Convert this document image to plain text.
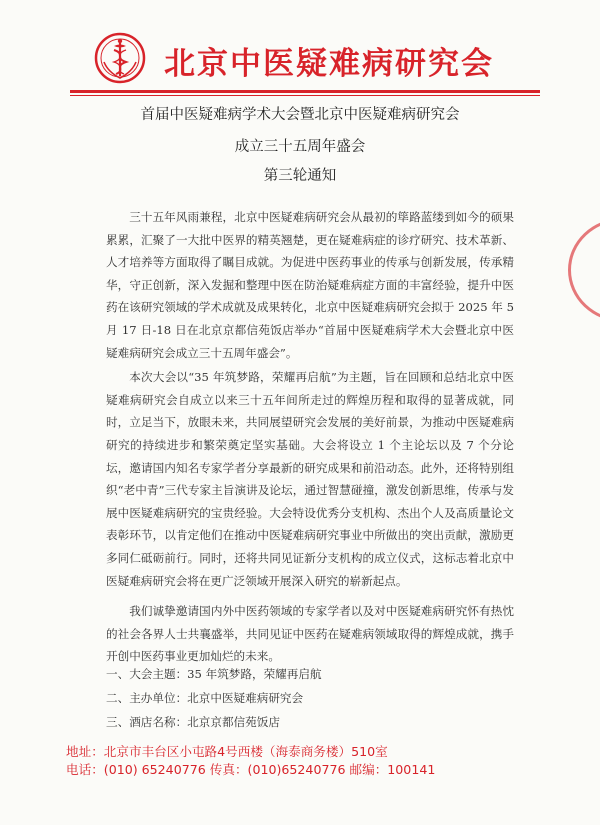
北京中医疑难病研究会
首届中医疑难病学术大会暨北京中医疑难病研究会
成立三十五周年盛会
第三轮通知

三十五年风雨兼程，北京中医疑难病研究会从最初的筚路蓝缕到如今的硕果累累，汇聚了一大批中医界的精英翘楚，更在疑难病症的诊疗研究、技术革新、人才培养等方面取得了瞩目成就。为促进中医药事业的传承与创新发展，传承精华，守正创新，深入发掘和整理中医在防治疑难病症方面的丰富经验，提升中医药在该研究领域的学术成就及成果转化，北京中医疑难病研究会拟于 2025 年 5月 17 日-18 日在北京京都信苑饭店举办“首届中医疑难病学术大会暨北京中医疑难病研究会成立三十五周年盛会”。

本次大会以“35 年筑梦路，荣耀再启航”为主题，旨在回顾和总结北京中医疑难病研究会自成立以来三十五年间所走过的辉煌历程和取得的显著成就，同时，立足当下，放眼未来，共同展望研究会发展的美好前景，为推动中医疑难病研究的持续进步和繁荣奠定坚实基础。大会将设立 1 个主论坛以及 7 个分论坛，邀请国内知名专家学者分享最新的研究成果和前沿动态。此外，还将特别组织“老中青”三代专家主旨演讲及论坛，通过智慧碰撞，激发创新思维，传承与发展中医疑难病研究的宝贵经验。大会特设优秀分支机构、杰出个人及高质量论文表彰环节，以肯定他们在推动中医疑难病研究事业中所做出的突出贡献，激励更多同仁砥砺前行。同时，还将共同见证新分支机构的成立仪式，这标志着北京中医疑难病研究会将在更广泛领域开展深入研究的崭新起点。

我们诚挚邀请国内外中医药领域的专家学者以及对中医疑难病研究怀有热忱的社会各界人士共襄盛举，共同见证中医药在疑难病领域取得的辉煌成就，携手开创中医药事业更加灿烂的未来。

一、大会主题：35 年筑梦路，荣耀再启航
二、主办单位：北京中医疑难病研究会
三、酒店名称：北京京都信苑饭店
地址：北京市丰台区小屯路4号西楼（海泰商务楼）510室
电话：(010) 65240776 传真：(010)65240776 邮编：100141
